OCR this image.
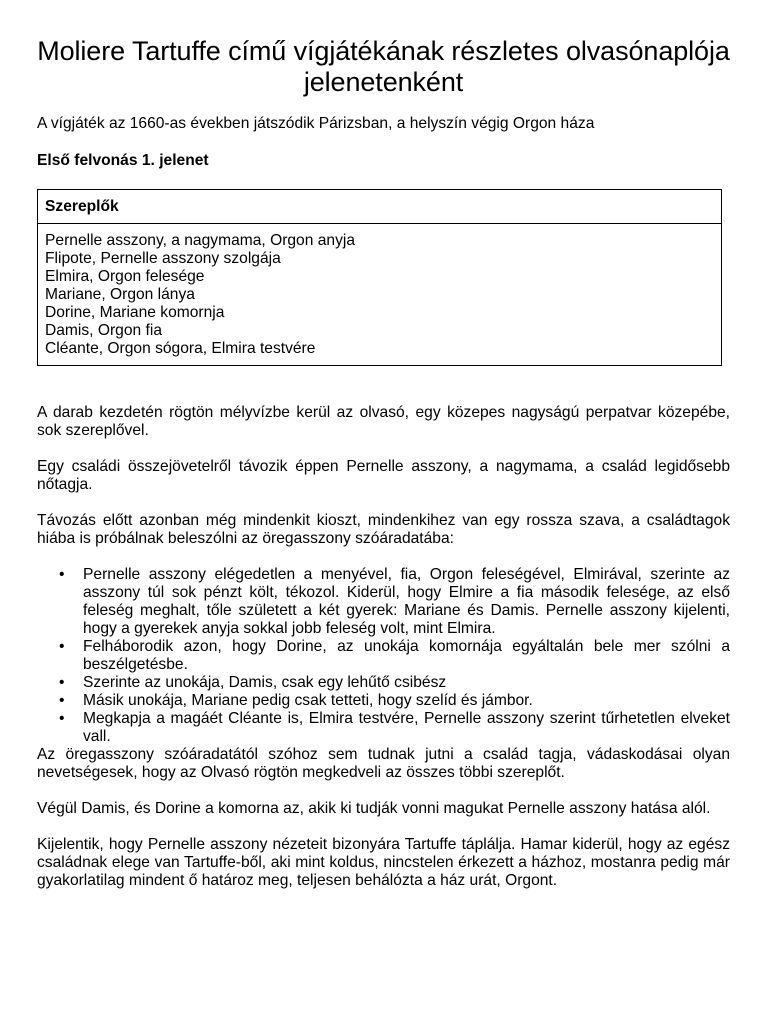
Moliere Tartuffe című vígjátékának részletes olvasónaplója jelenetenként

A vígjáték az 1660-as években játszódik Párizsban, a helyszín végig Orgon háza

Első felvonás 1. jelenet

Szereplők
Pernelle asszony, a nagymama, Orgon anyja
Flipote, Pernelle asszony szolgája
Elmira, Orgon felesége
Mariane, Orgon lánya
Dorine, Mariane komornja
Damis, Orgon fia
Cléante, Orgon sógora, Elmira testvére

A darab kezdetén rögtön mélyvízbe kerül az olvasó, egy közepes nagyságú perpatvar közepébe, sok szereplővel.

Egy családi összejövetelről távozik éppen Pernelle asszony, a nagymama, a család legidősebb nőtagja.

Távozás előtt azonban még mindenkit kioszt, mindenkihez van egy rossza szava, a családtagok hiába is próbálnak beleszólni az öregasszony szóáradatába:

• Pernelle asszony elégedetlen a menyével, fia, Orgon feleségével, Elmirával, szerinte az asszony túl sok pénzt költ, tékozol. Kiderül, hogy Elmire a fia második felesége, az első feleség meghalt, tőle született a két gyerek: Mariane és Damis. Pernelle asszony kijelenti, hogy a gyerekek anyja sokkal jobb feleség volt, mint Elmira.
• Felháborodik azon, hogy Dorine, az unokája komornája egyáltalán bele mer szólni a beszélgetésbe.
• Szerinte az unokája, Damis, csak egy lehűtő csibész
• Másik unokája, Mariane pedig csak tetteti, hogy szelíd és jámbor.
• Megkapja a magáét Cléante is, Elmira testvére, Pernelle asszony szerint tűrhetetlen elveket vall.

Az öregasszony szóáradatától szóhoz sem tudnak jutni a család tagja, vádaskodásai olyan nevetségesek, hogy az Olvasó rögtön megkedveli az összes többi szereplőt.

Végül Damis, és Dorine a komorna az, akik ki tudják vonni magukat Pernelle asszony hatása alól.

Kijelentik, hogy Pernelle asszony nézeteit bizonyára Tartuffe táplálja. Hamar kiderül, hogy az egész családnak elege van Tartuffe-ből, aki mint koldus, nincstelen érkezett a házhoz, mostanra pedig már gyakorlatilag mindent ő határoz meg, teljesen behálózta a ház urát, Orgont.
